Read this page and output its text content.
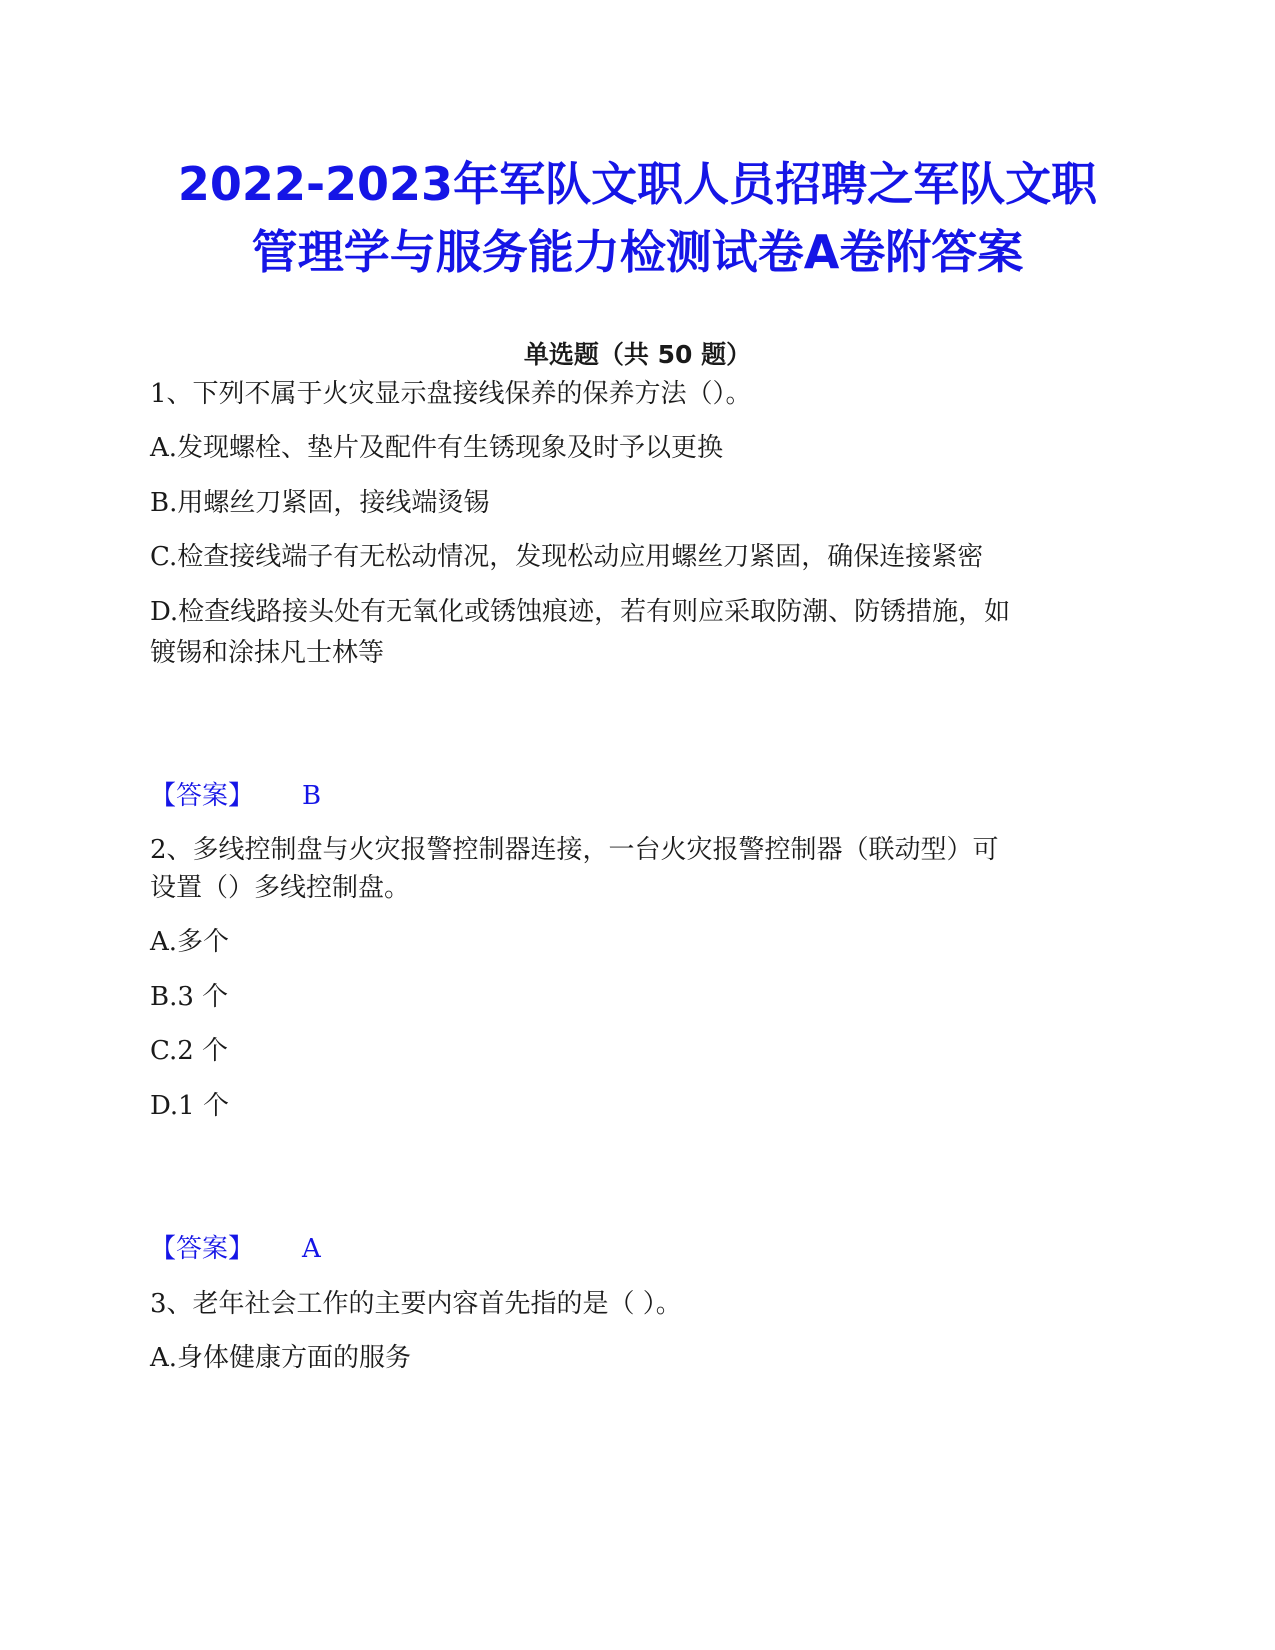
2022-2023年军队文职人员招聘之军队文职
管理学与服务能力检测试卷A卷附答案
单选题（共 50 题）
1、下列不属于火灾显示盘接线保养的保养方法（）。
A.发现螺栓、垫片及配件有生锈现象及时予以更换
B.用螺丝刀紧固，接线端烫锡
C.检查接线端子有无松动情况，发现松动应用螺丝刀紧固，确保连接紧密
D.检查线路接头处有无氧化或锈蚀痕迹，若有则应采取防潮、防锈措施，如
镀锡和涂抹凡士林等
【答案】 B
2、多线控制盘与火灾报警控制器连接，一台火灾报警控制器（联动型）可
设置（）多线控制盘。
A.多个
B.3 个
C.2 个
D.1 个
【答案】 A
3、老年社会工作的主要内容首先指的是（ ）。
A.身体健康方面的服务
